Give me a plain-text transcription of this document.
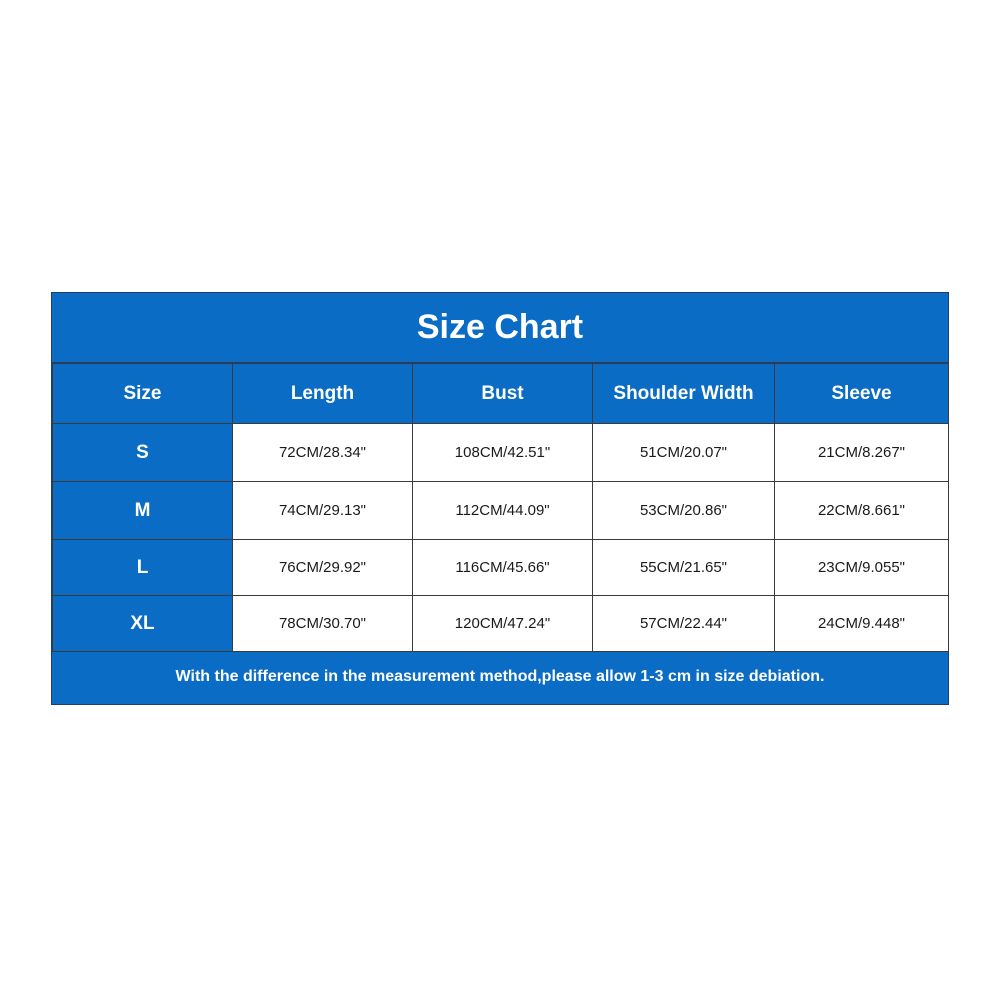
Size Chart
Size	Length	Bust	Shoulder Width	Sleeve
S	72CM/28.34"	108CM/42.51"	51CM/20.07"	21CM/8.267"
M	74CM/29.13"	112CM/44.09"	53CM/20.86"	22CM/8.661"
L	76CM/29.92"	116CM/45.66"	55CM/21.65"	23CM/9.055"
XL	78CM/30.70"	120CM/47.24"	57CM/22.44"	24CM/9.448"
With the difference in the measurement method,please allow 1-3 cm in size debiation.
